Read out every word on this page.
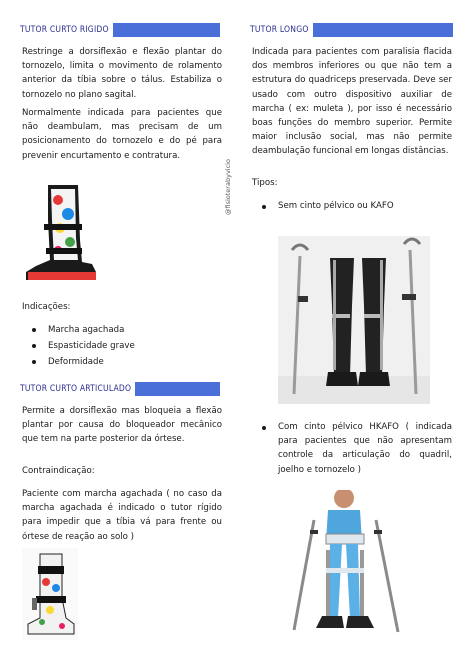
TUTOR CURTO RIGIDO
Restringe a dorsiflexão e flexão plantar do tornozelo, limita o movimento de rolamento anterior da tíbia sobre o tálus. Estabiliza o tornozelo no plano sagital.
Normalmente indicada para pacientes que não deambulam, mas precisam de um posicionamento do tornozelo e do pé para prevenir encurtamento e contratura.
Indicações:
Marcha agachada
Espasticidade grave
Deformidade
TUTOR CURTO ARTICULADO
Permite a dorsiflexão mas bloqueia a flexão plantar por causa do bloqueador mecânico que tem na parte posterior da órtese.
Contraindicação:
Paciente com marcha agachada ( no caso da marcha agachada é indicado o tutor rígido para impedir que a tíbia vá para frente ou órtese de reação ao solo )
@fisioterabyvicio
TUTOR LONGO
Indicada para pacientes com paralisia flacida dos membros inferiores ou que não tem a estrutura do quadriceps preservada. Deve ser usado com outro dispositivo auxiliar de marcha ( ex: muleta ), por isso é necessário boas funções do membro superior. Permite maior inclusão social, mas não permite deambulação funcional em longas distâncias.
Tipos:
Sem cinto pélvico ou KAFO
Com cinto pélvico HKAFO ( indicada para pacientes que não apresentam controle da articulação do quadril, joelho e tornozelo )
